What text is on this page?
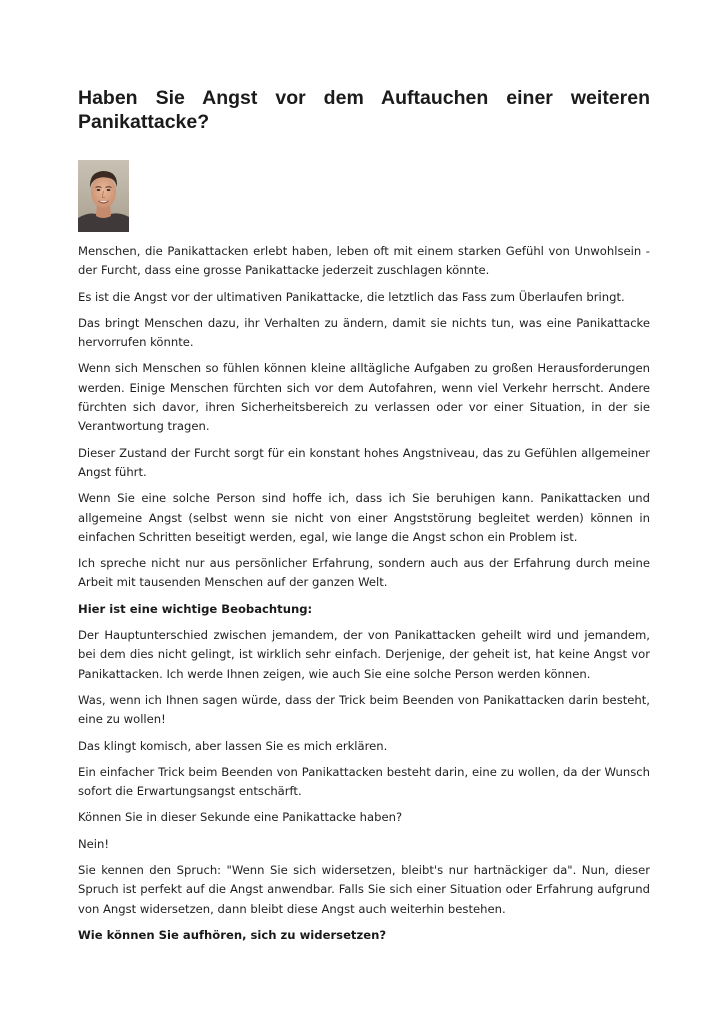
Haben Sie Angst vor dem Auftauchen einer weiteren Panikattacke?

Menschen, die Panikattacken erlebt haben, leben oft mit einem starken Gefühl von Unwohlsein - der Furcht, dass eine grosse Panikattacke jederzeit zuschlagen könnte.

Es ist die Angst vor der ultimativen Panikattacke, die letztlich das Fass zum Überlaufen bringt.

Das bringt Menschen dazu, ihr Verhalten zu ändern, damit sie nichts tun, was eine Panikattacke hervorrufen könnte.

Wenn sich Menschen so fühlen können kleine alltägliche Aufgaben zu großen Herausforderungen werden. Einige Menschen fürchten sich vor dem Autofahren, wenn viel Verkehr herrscht. Andere fürchten sich davor, ihren Sicherheitsbereich zu verlassen oder vor einer Situation, in der sie Verantwortung tragen.

Dieser Zustand der Furcht sorgt für ein konstant hohes Angstniveau, das zu Gefühlen allgemeiner Angst führt.

Wenn Sie eine solche Person sind hoffe ich, dass ich Sie beruhigen kann. Panikattacken und allgemeine Angst (selbst wenn sie nicht von einer Angststörung begleitet werden) können in einfachen Schritten beseitigt werden, egal, wie lange die Angst schon ein Problem ist.

Ich spreche nicht nur aus persönlicher Erfahrung, sondern auch aus der Erfahrung durch meine Arbeit mit tausenden Menschen auf der ganzen Welt.

Hier ist eine wichtige Beobachtung:

Der Hauptunterschied zwischen jemandem, der von Panikattacken geheilt wird und jemandem, bei dem dies nicht gelingt, ist wirklich sehr einfach. Derjenige, der geheit ist, hat keine Angst vor Panikattacken. Ich werde Ihnen zeigen, wie auch Sie eine solche Person werden können.

Was, wenn ich Ihnen sagen würde, dass der Trick beim Beenden von Panikattacken darin besteht, eine zu wollen!

Das klingt komisch, aber lassen Sie es mich erklären.

Ein einfacher Trick beim Beenden von Panikattacken besteht darin, eine zu wollen, da der Wunsch sofort die Erwartungsangst entschärft.

Können Sie in dieser Sekunde eine Panikattacke haben?

Nein!

Sie kennen den Spruch: "Wenn Sie sich widersetzen, bleibt's nur hartnäckiger da". Nun, dieser Spruch ist perfekt auf die Angst anwendbar. Falls Sie sich einer Situation oder Erfahrung aufgrund von Angst widersetzen, dann bleibt diese Angst auch weiterhin bestehen.

Wie können Sie aufhören, sich zu widersetzen?
